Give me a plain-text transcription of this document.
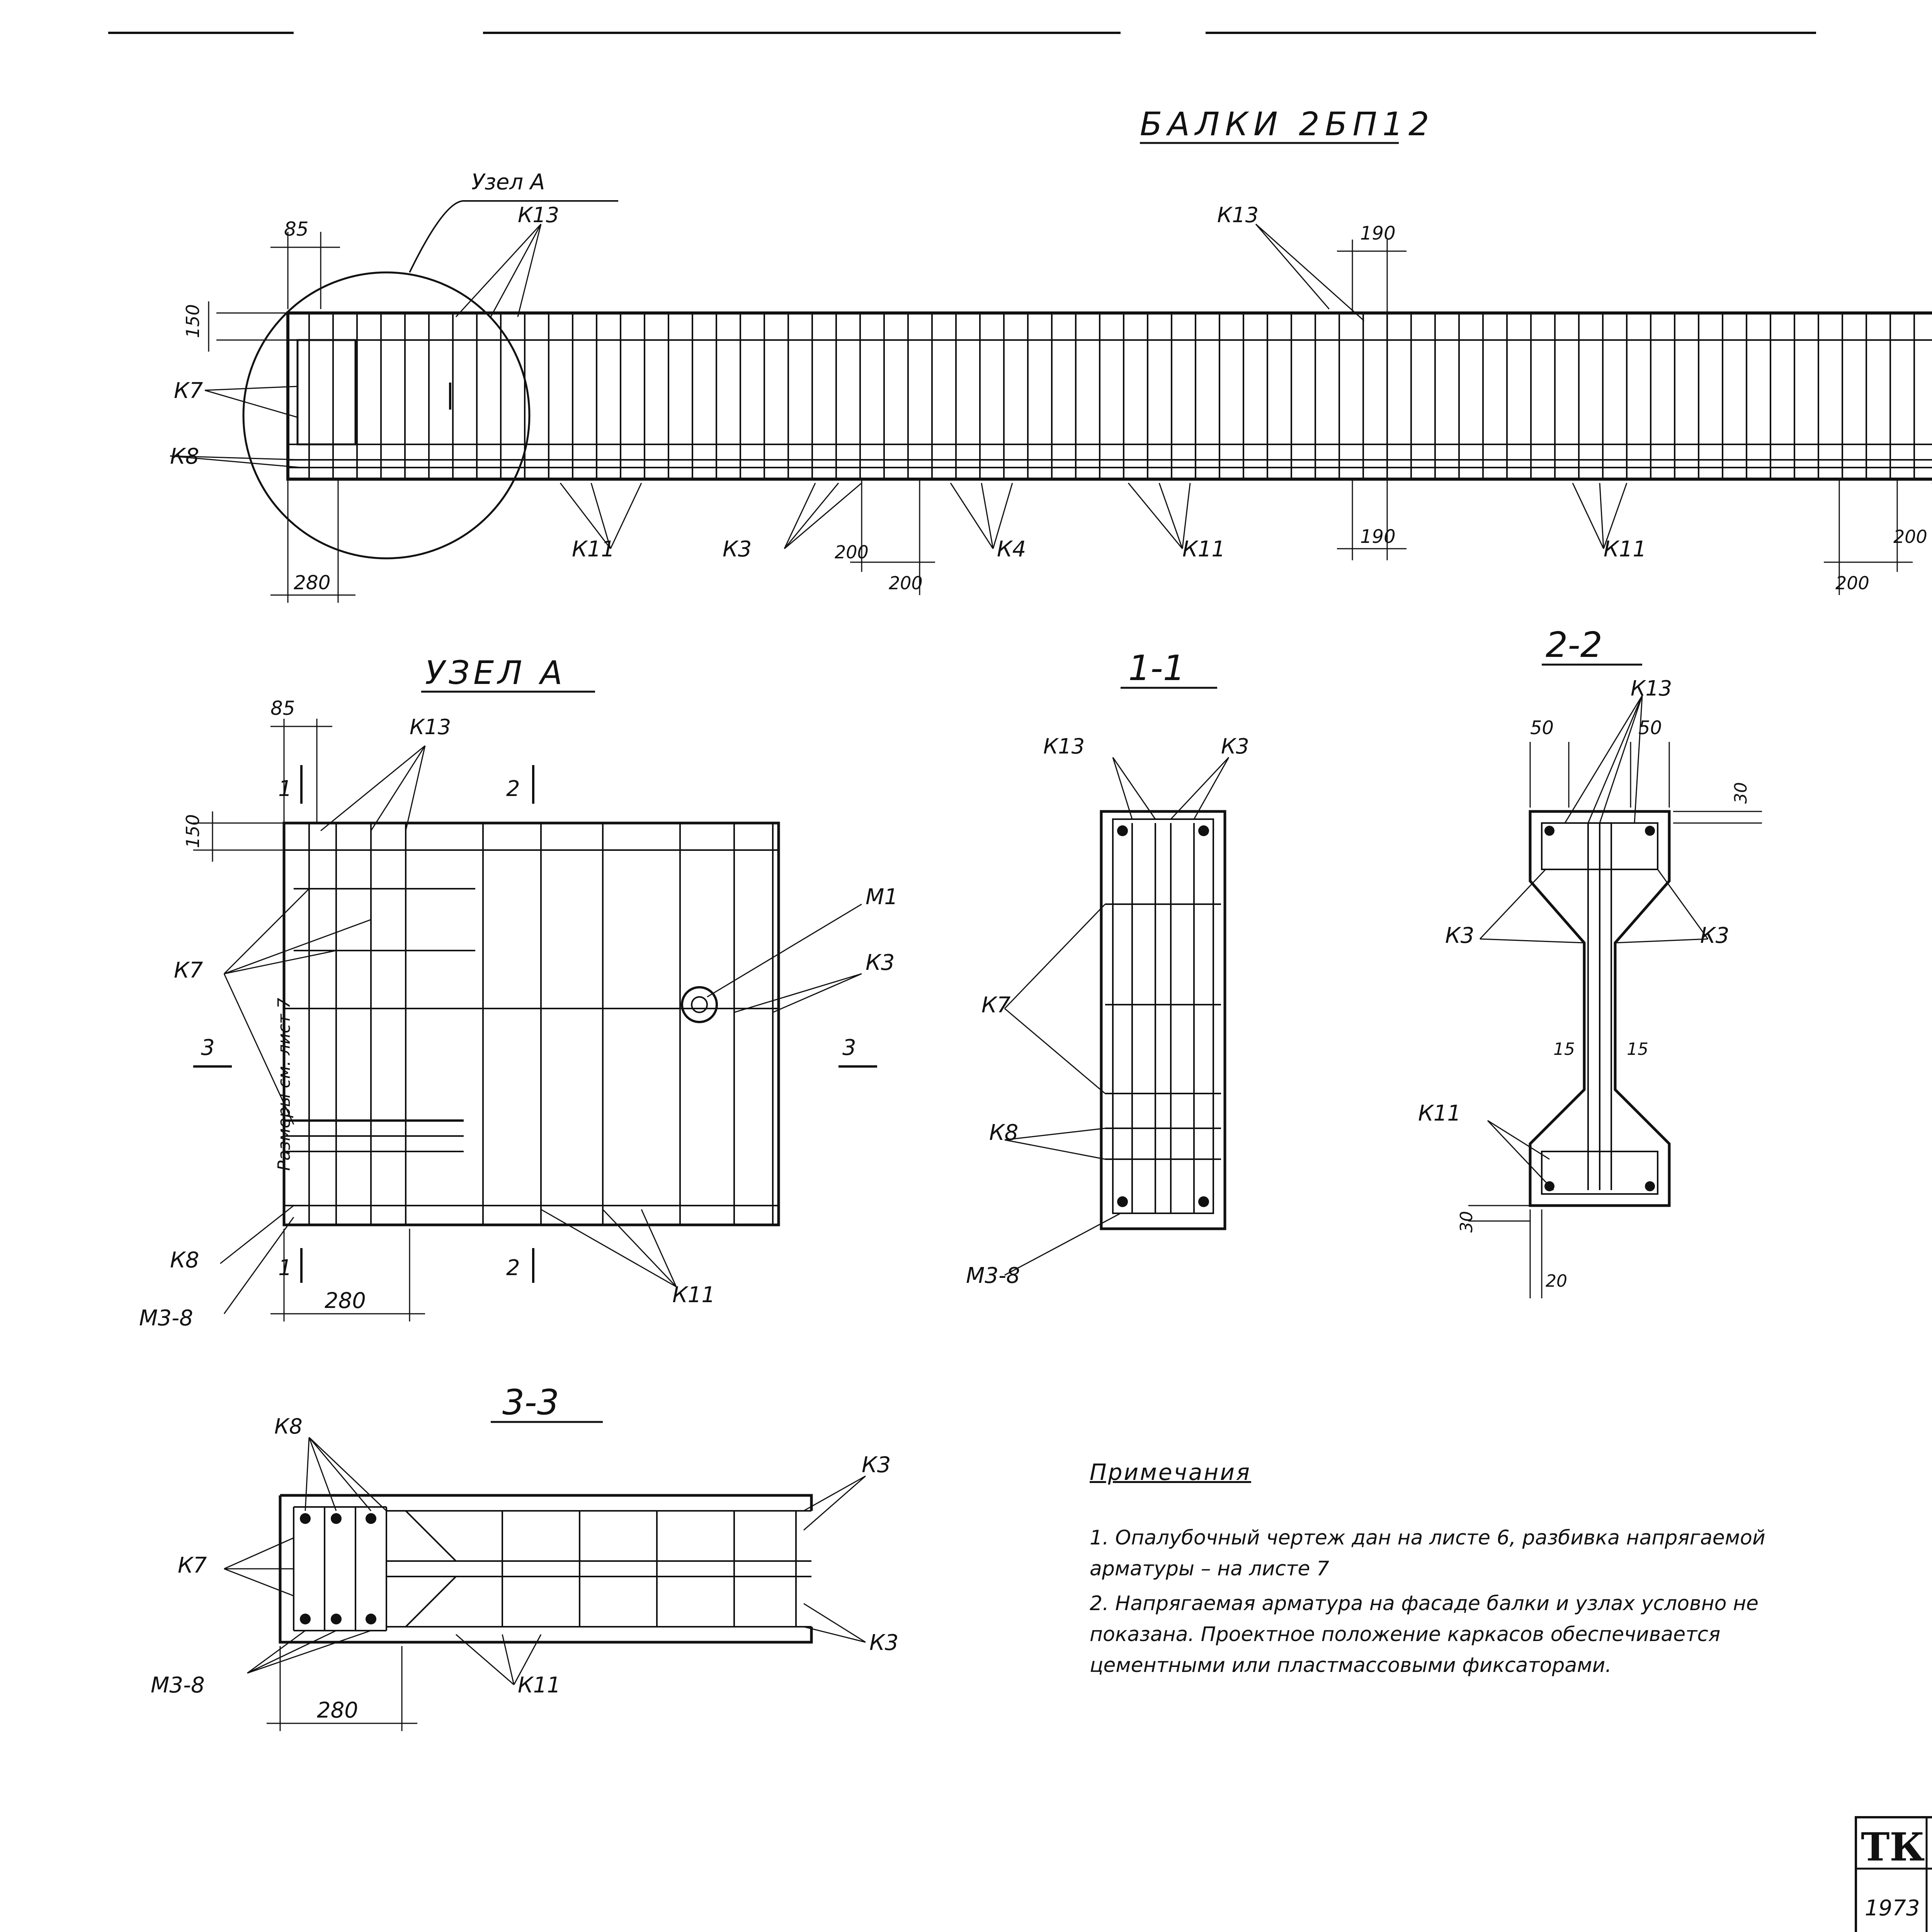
БАЛКИ 2БП12
Узел А
85
150
190
190
280
200
200
200
200
К13	К13
К7
К8
К11	К3	К4	К11	К11
УЗЕЛ А
1	2
1	2
3	3
85
150
280
Размеры см. лист 7
К13
К7
М1
К3
К11
К8
М3-8
1-1
К13	К3
К7
К8
М3-8
2-2
50	50
30
15	15
30
20
К13
К3	К3
К11
3-3
280
К8
К7
М3-8
К3
К3
К11
Примечания
1. Опалубочный чертеж дан на листе 6, разбивка напрягаемой арматуры – на листе 7
2. Напрягаемая арматура на фасаде балки и узлах условно не показана. Проектное положение каркасов обеспечивается цементными или пластмассовыми фиксаторами.
ТК
1973
